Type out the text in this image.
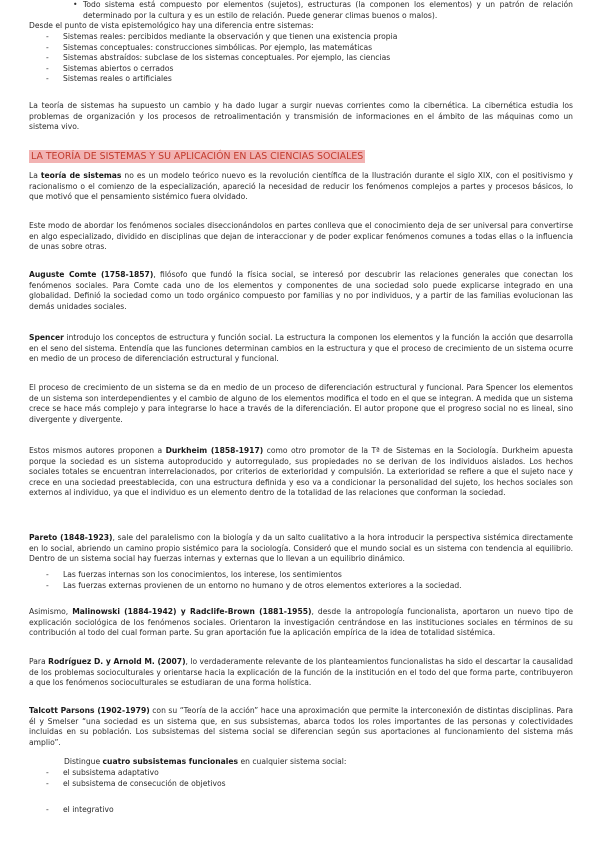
• Todo sistema está compuesto por elementos (sujetos), estructuras (la componen los elementos) y un patrón de relación determinado por la cultura y es un estilo de relación. Puede generar climas buenos o malos).

Desde el punto de vista epistemológico hay una diferencia entre sistemas:

- Sistemas reales: percibidos mediante la observación y que tienen una existencia propia
- Sistemas conceptuales: construcciones simbólicas. Por ejemplo, las matemáticas
- Sistemas abstraídos: subclase de los sistemas conceptuales. Por ejemplo, las ciencias
- Sistemas abiertos o cerrados
- Sistemas reales o artificiales

La teoría de sistemas ha supuesto un cambio y ha dado lugar a surgir nuevas corrientes como la cibernética. La cibernética estudia los problemas de organización y los procesos de retroalimentación y transmisión de informaciones en el ámbito de las máquinas como un sistema vivo.

LA TEORÍA DE SISTEMAS Y SU APLICACIÓN EN LAS CIENCIAS SOCIALES

La teoría de sistemas no es un modelo teórico nuevo es la revolución científica de la Ilustración durante el siglo XIX, con el positivismo y racionalismo o el comienzo de la especialización, apareció la necesidad de reducir los fenómenos complejos a partes y procesos básicos, lo que motivó que el pensamiento sistémico fuera olvidado.

Este modo de abordar los fenómenos sociales diseccionándolos en partes conlleva que el conocimiento deja de ser universal para convertirse en algo especializado, dividido en disciplinas que dejan de interaccionar y de poder explicar fenómenos comunes a todas ellas o la influencia de unas sobre otras.

Auguste Comte (1758-1857), filósofo que fundó la física social, se interesó por descubrir las relaciones generales que conectan los fenómenos sociales. Para Comte cada uno de los elementos y componentes de una sociedad solo puede explicarse integrado en una globalidad. Definió la sociedad como un todo orgánico compuesto por familias y no por individuos, y a partir de las familias evolucionan las demás unidades sociales.

Spencer introdujo los conceptos de estructura y función social. La estructura la componen los elementos y la función la acción que desarrolla en el seno del sistema. Entendía que las funciones determinan cambios en la estructura y que el proceso de crecimiento de un sistema ocurre en medio de un proceso de diferenciación estructural y funcional.

El proceso de crecimiento de un sistema se da en medio de un proceso de diferenciación estructural y funcional. Para Spencer los elementos de un sistema son interdependientes y el cambio de alguno de los elementos modifica el todo en el que se integran. A medida que un sistema crece se hace más complejo y para integrarse lo hace a través de la diferenciación. El autor propone que el progreso social no es lineal, sino divergente y divergente.

Estos mismos autores proponen a Durkheim (1858-1917) como otro promotor de la Tª de Sistemas en la Sociología. Durkheim apuesta porque la sociedad es un sistema autoproducido y autorregulado, sus propiedades no se derivan de los individuos aislados. Los hechos sociales totales se encuentran interrelacionados, por criterios de exterioridad y compulsión. La exterioridad se refiere a que el sujeto nace y crece en una sociedad preestablecida, con una estructura definida y eso va a condicionar la personalidad del sujeto, los hechos sociales son externos al individuo, ya que el individuo es un elemento dentro de la totalidad de las relaciones que conforman la sociedad.

Pareto (1848-1923), sale del paralelismo con la biología y da un salto cualitativo a la hora introducir la perspectiva sistémica directamente en lo social, abriendo un camino propio sistémico para la sociología. Consideró que el mundo social es un sistema con tendencia al equilibrio. Dentro de un sistema social hay fuerzas internas y externas que lo llevan a un equilibrio dinámico.

- Las fuerzas internas son los conocimientos, los interese, los sentimientos
- Las fuerzas externas provienen de un entorno no humano y de otros elementos exteriores a la sociedad.

Asimismo, Malinowski (1884-1942) y Radclife-Brown (1881-1955), desde la antropología funcionalista, aportaron un nuevo tipo de explicación sociológica de los fenómenos sociales. Orientaron la investigación centrándose en las instituciones sociales en términos de su contribución al todo del cual forman parte. Su gran aportación fue la aplicación empírica de la idea de totalidad sistémica.

Para Rodríguez D. y Arnold M. (2007), lo verdaderamente relevante de los planteamientos funcionalistas ha sido el descartar la causalidad de los problemas socioculturales y orientarse hacia la explicación de la función de la institución en el todo del que forma parte, contribuyeron a que los fenómenos socioculturales se estudiaran de una forma holística.

Talcott Parsons (1902-1979) con su “Teoría de la acción” hace una aproximación que permite la interconexión de distintas disciplinas. Para él y Smelser “una sociedad es un sistema que, en sus subsistemas, abarca todos los roles importantes de las personas y colectividades incluidas en su población. Los subsistemas del sistema social se diferencian según sus aportaciones al funcionamiento del sistema más amplio”.

Distingue cuatro subsistemas funcionales en cualquier sistema social:

- el subsistema adaptativo
- el subsistema de consecución de objetivos
- el integrativo
